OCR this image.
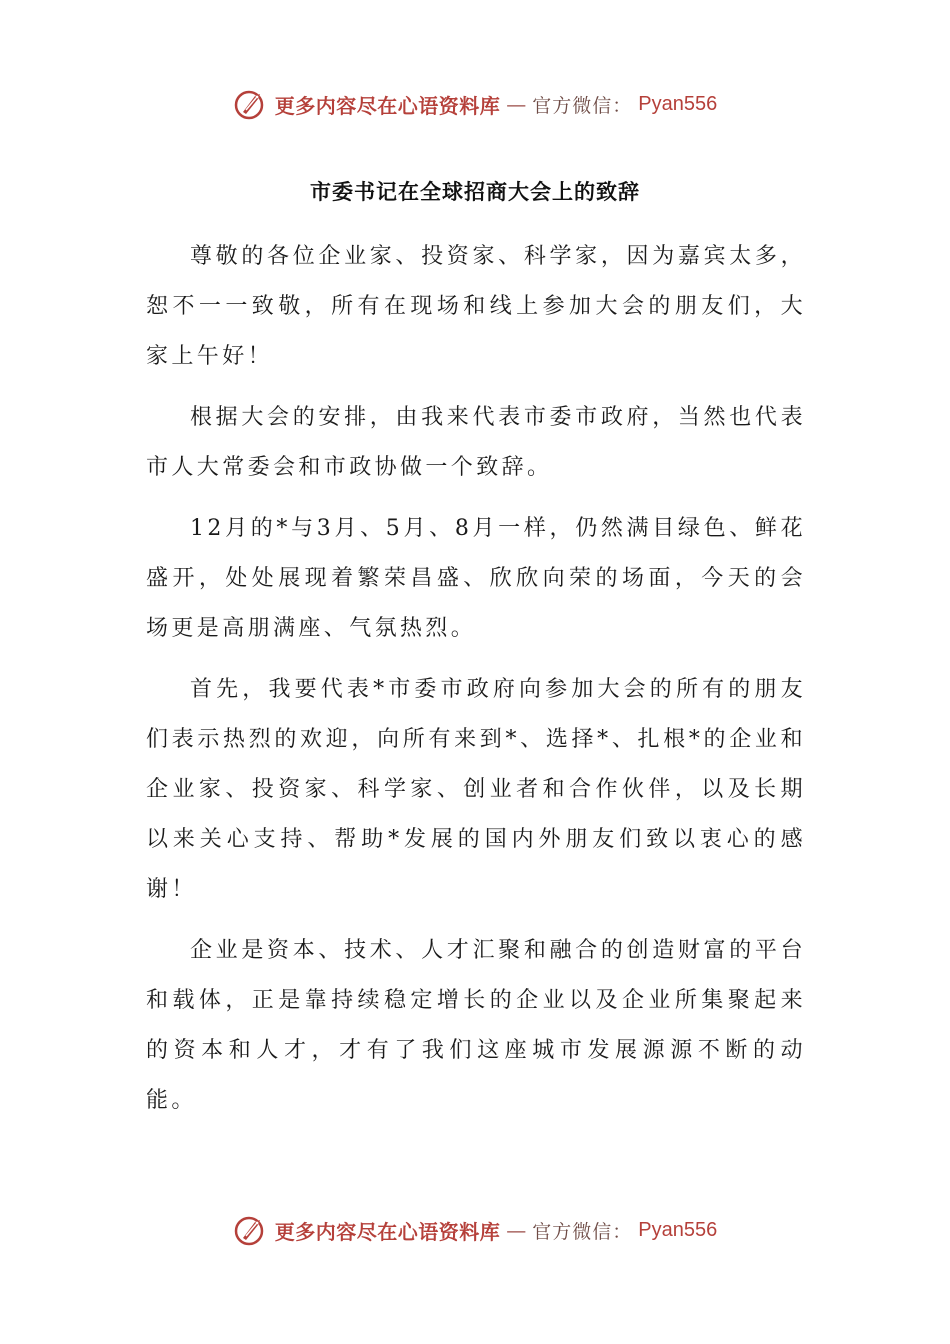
更多内容尽在心语资料库 — 官方微信： Pyan556
市委书记在全球招商大会上的致辞

尊敬的各位企业家、投资家、科学家，因为嘉宾太多，恕不一一致敬，所有在现场和线上参加大会的朋友们，大家上午好！

根据大会的安排，由我来代表市委市政府，当然也代表市人大常委会和市政协做一个致辞。

12月的*与3月、5月、8月一样，仍然满目绿色、鲜花盛开，处处展现着繁荣昌盛、欣欣向荣的场面，今天的会场更是高朋满座、气氛热烈。

首先，我要代表*市委市政府向参加大会的所有的朋友们表示热烈的欢迎，向所有来到*、选择*、扎根*的企业和企业家、投资家、科学家、创业者和合作伙伴，以及长期以来关心支持、帮助*发展的国内外朋友们致以衷心的感谢！

企业是资本、技术、人才汇聚和融合的创造财富的平台和载体，正是靠持续稳定增长的企业以及企业所集聚起来的资本和人才，才有了我们这座城市发展源源不断的动能。

更多内容尽在心语资料库 — 官方微信： Pyan556
